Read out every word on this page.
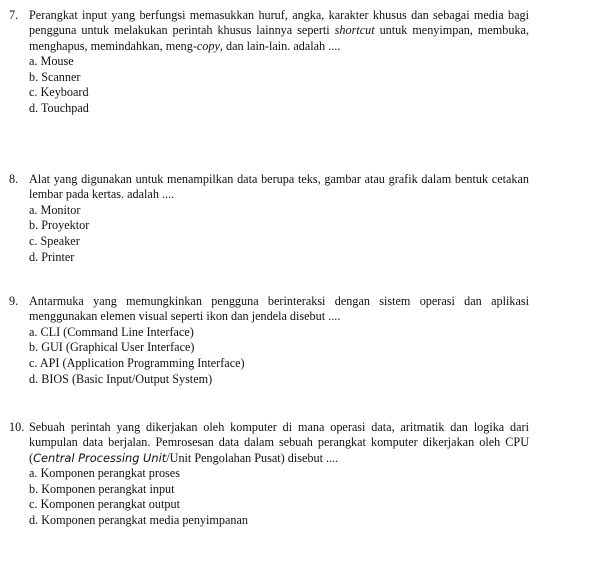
7. Perangkat input yang berfungsi memasukkan huruf, angka, karakter khusus dan sebagai media bagi pengguna untuk melakukan perintah khusus lainnya seperti shortcut untuk menyimpan, membuka, menghapus, memindahkan, meng-copy, dan lain-lain. adalah ....

a. Mouse
b. Scanner
c. Keyboard
d. Touchpad
8. Alat yang digunakan untuk menampilkan data berupa teks, gambar atau grafik dalam bentuk cetakan lembar pada kertas. adalah ....

a. Monitor
b. Proyektor
c. Speaker
d. Printer
9. Antarmuka yang memungkinkan pengguna berinteraksi dengan sistem operasi dan aplikasi menggunakan elemen visual seperti ikon dan jendela disebut ....

a. CLI (Command Line Interface)
b. GUI (Graphical User Interface)
c. API (Application Programming Interface)
d. BIOS (Basic Input/Output System)
10. Sebuah perintah yang dikerjakan oleh komputer di mana operasi data, aritmatik dan logika dari kumpulan data berjalan. Pemrosesan data dalam sebuah perangkat komputer dikerjakan oleh CPU (Central Processing Unit/Unit Pengolahan Pusat) disebut ....

a. Komponen perangkat proses
b. Komponen perangkat input
c. Komponen perangkat output
d. Komponen perangkat media penyimpanan
